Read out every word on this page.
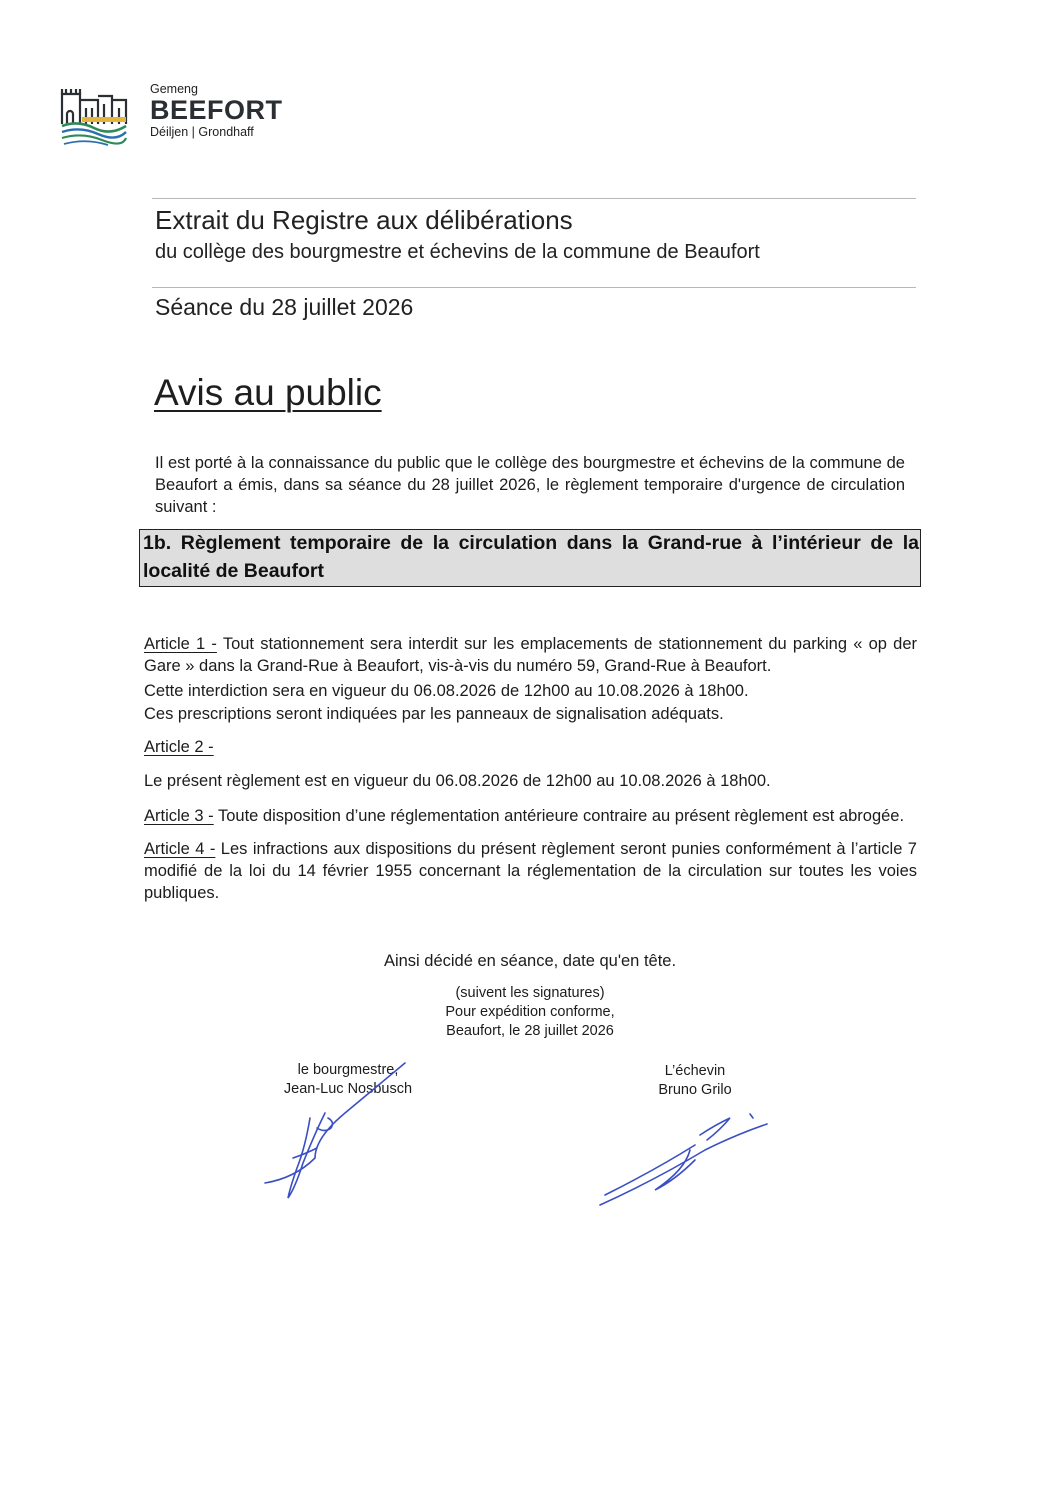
Gemeng
BEEFORT
Déiljen | Grondhaff
Extrait du Registre aux délibérations
du collège des bourgmestre et échevins de la commune de Beaufort
Séance du 28 juillet 2026
Avis au public
Il est porté à la connaissance du public que le collège des bourgmestre et échevins de la commune de Beaufort a émis, dans sa séance du 28 juillet 2026, le règlement temporaire d'urgence de circulation suivant :
1b. Règlement temporaire de la circulation dans la Grand-rue à l’intérieur de la localité de Beaufort
Article 1 - Tout stationnement sera interdit sur les emplacements de stationnement du parking « op der Gare » dans la Grand-Rue à Beaufort, vis-à-vis du numéro 59, Grand-Rue à Beaufort.
Cette interdiction sera en vigueur du 06.08.2026 de 12h00 au 10.08.2026 à 18h00.
Ces prescriptions seront indiquées par les panneaux de signalisation adéquats.
Article 2 -
Le présent règlement est en vigueur du 06.08.2026 de 12h00 au 10.08.2026 à 18h00.
Article 3 - Toute disposition d’une réglementation antérieure contraire au présent règlement est abrogée.
Article 4 - Les infractions aux dispositions du présent règlement seront punies conformément à l’article 7 modifié de la loi du 14 février 1955 concernant la réglementation de la circulation sur toutes les voies publiques.
Ainsi décidé en séance, date qu'en tête.
(suivent les signatures)
Pour expédition conforme,
Beaufort, le 28 juillet 2026
le bourgmestre,
Jean-Luc Nosbusch
L’échevin
Bruno Grilo
